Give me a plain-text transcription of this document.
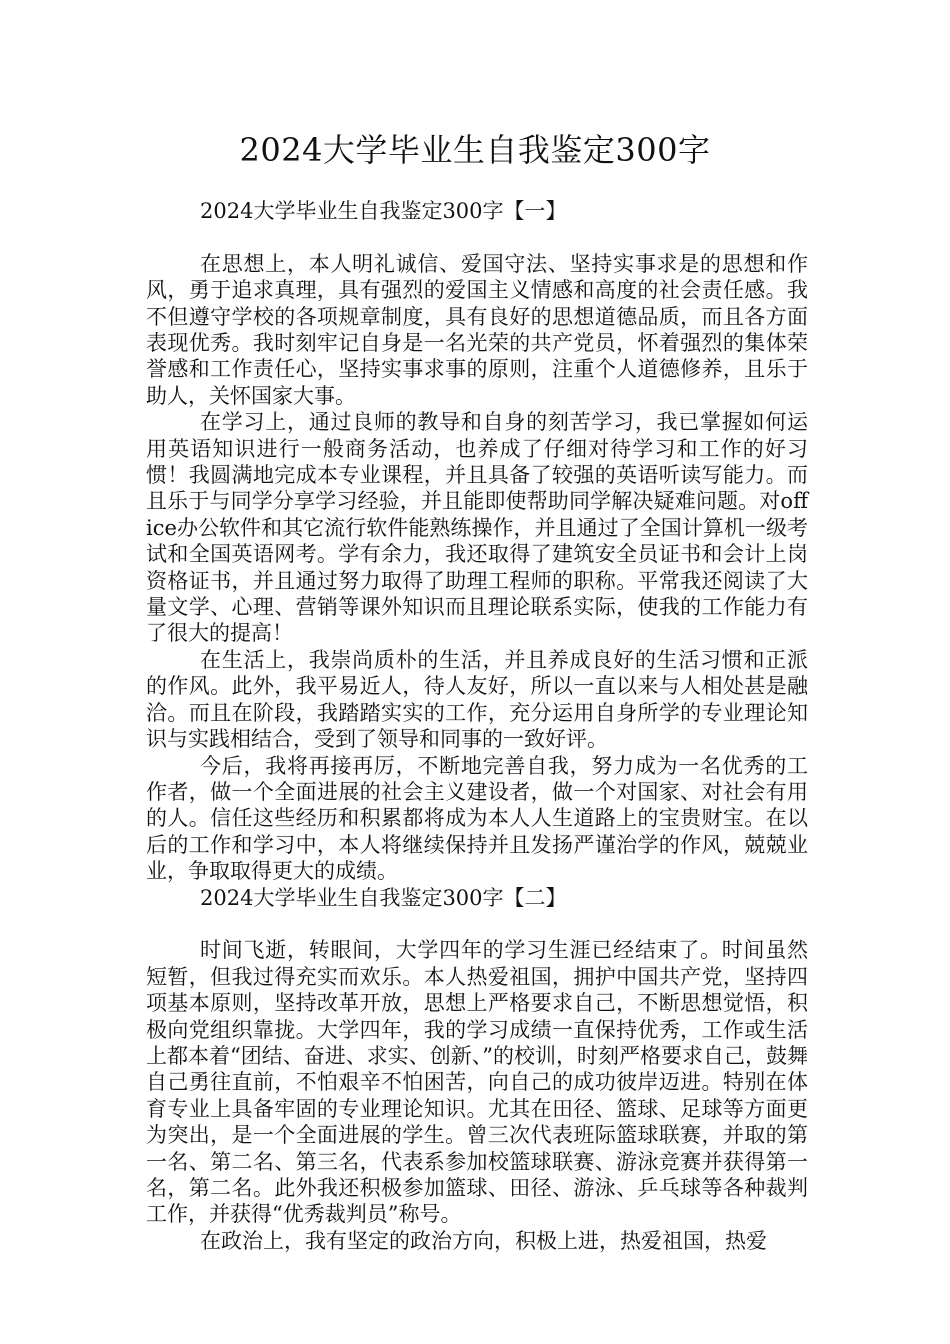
2024大学毕业生自我鉴定300字

2024大学毕业生自我鉴定300字【一】

在思想上，本人明礼诚信、爱国守法、坚持实事求是的思想和作风，勇于追求真理，具有强烈的爱国主义情感和高度的社会责任感。我不但遵守学校的各项规章制度，具有良好的思想道德品质，而且各方面表现优秀。我时刻牢记自身是一名光荣的共产党员，怀着强烈的集体荣誉感和工作责任心，坚持实事求事的原则，注重个人道德修养，且乐于助人，关怀国家大事。

在学习上，通过良师的教导和自身的刻苦学习，我已掌握如何运用英语知识进行一般商务活动，也养成了仔细对待学习和工作的好习惯！我圆满地完成本专业课程，并且具备了较强的英语听读写能力。而且乐于与同学分享学习经验，并且能即使帮助同学解决疑难问题。对office办公软件和其它流行软件能熟练操作，并且通过了全国计算机一级考试和全国英语网考。学有余力，我还取得了建筑安全员证书和会计上岗资格证书，并且通过努力取得了助理工程师的职称。平常我还阅读了大量文学、心理、营销等课外知识而且理论联系实际，使我的工作能力有了很大的提高！

在生活上，我崇尚质朴的生活，并且养成良好的生活习惯和正派的作风。此外，我平易近人，待人友好，所以一直以来与人相处甚是融洽。而且在阶段，我踏踏实实的工作，充分运用自身所学的专业理论知识与实践相结合，受到了领导和同事的一致好评。

今后，我将再接再厉，不断地完善自我，努力成为一名优秀的工作者，做一个全面进展的社会主义建设者，做一个对国家、对社会有用的人。信任这些经历和积累都将成为本人人生道路上的宝贵财宝。在以后的工作和学习中，本人将继续保持并且发扬严谨治学的作风，兢兢业业，争取取得更大的成绩。

2024大学毕业生自我鉴定300字【二】

时间飞逝，转眼间，大学四年的学习生涯已经结束了。时间虽然短暂，但我过得充实而欢乐。本人热爱祖国，拥护中国共产党，坚持四项基本原则，坚持改革开放，思想上严格要求自己，不断思想觉悟，积极向党组织靠拢。大学四年，我的学习成绩一直保持优秀，工作或生活上都本着“团结、奋进、求实、创新、”的校训，时刻严格要求自己，鼓舞自己勇往直前，不怕艰辛不怕困苦，向自己的成功彼岸迈进。特别在体育专业上具备牢固的专业理论知识。尤其在田径、篮球、足球等方面更为突出，是一个全面进展的学生。曾三次代表班际篮球联赛，并取的第一名、第二名、第三名，代表系参加校篮球联赛、游泳竞赛并获得第一名，第二名。此外我还积极参加篮球、田径、游泳、乒乓球等各种裁判工作，并获得“优秀裁判员”称号。

在政治上，我有坚定的政治方向，积极上进，热爱祖国，热爱
